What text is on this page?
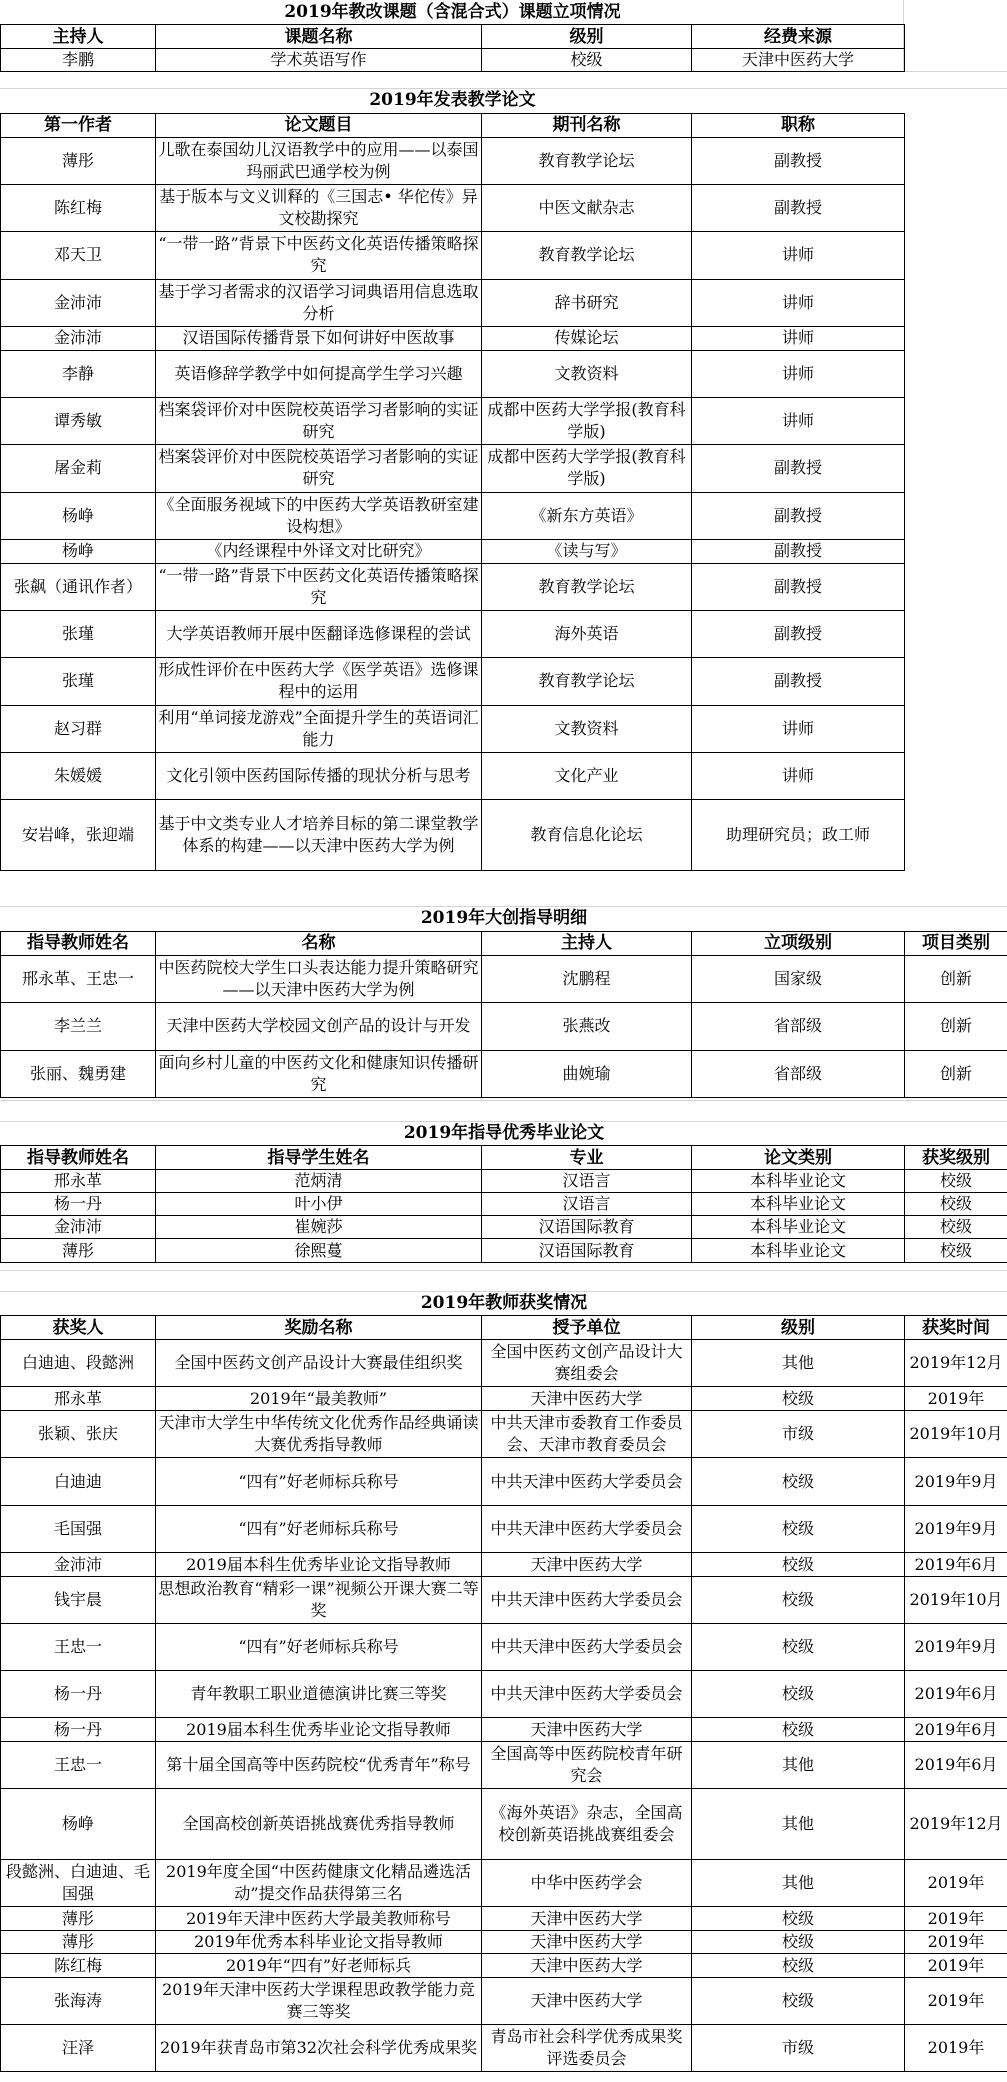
2019年教改课题（含混合式）课题立项情况			
主持人	课题名称	级别	经费来源
李鹏	学术英语写作	校级	天津中医药大学
2019年发表教学论文			
第一作者	论文题目	期刊名称	职称
薄彤	儿歌在泰国幼儿汉语教学中的应用——以泰国玛丽武巴通学校为例	教育教学论坛	副教授
陈红梅	基于版本与文义训释的《三国志• 华佗传》异文校勘探究	中医文献杂志	副教授
邓天卫	“一带一路”背景下中医药文化英语传播策略探究	教育教学论坛	讲师
金沛沛	基于学习者需求的汉语学习词典语用信息选取分析	辞书研究	讲师
金沛沛	汉语国际传播背景下如何讲好中医故事	传媒论坛	讲师
李静	英语修辞学教学中如何提高学生学习兴趣	文教资料	讲师
谭秀敏	档案袋评价对中医院校英语学习者影响的实证研究	成都中医药大学学报(教育科学版)	讲师
屠金莉	档案袋评价对中医院校英语学习者影响的实证研究	成都中医药大学学报(教育科学版)	副教授
杨峥	《全面服务视域下的中医药大学英语教研室建设构想》	《新东方英语》	副教授
杨峥	《内经课程中外译文对比研究》	《读与写》	副教授
张飙（通讯作者）	“一带一路”背景下中医药文化英语传播策略探究	教育教学论坛	副教授
张瑾	大学英语教师开展中医翻译选修课程的尝试	海外英语	副教授
张瑾	形成性评价在中医药大学《医学英语》选修课程中的运用	教育教学论坛	副教授
赵习群	利用“单词接龙游戏”全面提升学生的英语词汇能力	文教资料	讲师
朱媛媛	文化引领中医药国际传播的现状分析与思考	文化产业	讲师
安岩峰，张迎端	基于中文类专业人才培养目标的第二课堂教学体系的构建——以天津中医药大学为例	教育信息化论坛	助理研究员；政工师
2019年大创指导明细				
指导教师姓名	名称	主持人	立项级别	项目类别
邢永革、王忠一	中医药院校大学生口头表达能力提升策略研究——以天津中医药大学为例	沈鹏程	国家级	创新
李兰兰	天津中医药大学校园文创产品的设计与开发	张燕改	省部级	创新
张丽、魏勇建	面向乡村儿童的中医药文化和健康知识传播研究	曲婉瑜	省部级	创新
2019年指导优秀毕业论文				
指导教师姓名	指导学生姓名	专业	论文类别	获奖级别
邢永革	范炳清	汉语言	本科毕业论文	校级
杨一丹	叶小伊	汉语言	本科毕业论文	校级
金沛沛	崔婉莎	汉语国际教育	本科毕业论文	校级
薄彤	徐熙蔓	汉语国际教育	本科毕业论文	校级
2019年教师获奖情况				
获奖人	奖励名称	授予单位	级别	获奖时间
白迪迪、段懿洲	全国中医药文创产品设计大赛最佳组织奖	全国中医药文创产品设计大赛组委会	其他	2019年12月
邢永革	2019年“最美教师”	天津中医药大学	校级	2019年
张颖、张庆	天津市大学生中华传统文化优秀作品经典诵读大赛优秀指导教师	中共天津市委教育工作委员会、天津市教育委员会	市级	2019年10月
白迪迪	“四有”好老师标兵称号	中共天津中医药大学委员会	校级	2019年9月
毛国强	“四有”好老师标兵称号	中共天津中医药大学委员会	校级	2019年9月
金沛沛	2019届本科生优秀毕业论文指导教师	天津中医药大学	校级	2019年6月
钱宇晨	思想政治教育“精彩一课”视频公开课大赛二等奖	中共天津中医药大学委员会	校级	2019年10月
王忠一	“四有”好老师标兵称号	中共天津中医药大学委员会	校级	2019年9月
杨一丹	青年教职工职业道德演讲比赛三等奖	中共天津中医药大学委员会	校级	2019年6月
杨一丹	2019届本科生优秀毕业论文指导教师	天津中医药大学	校级	2019年6月
王忠一	第十届全国高等中医药院校“优秀青年”称号	全国高等中医药院校青年研究会	其他	2019年6月
杨峥	全国高校创新英语挑战赛优秀指导教师	《海外英语》杂志，全国高校创新英语挑战赛组委会	其他	2019年12月
段懿洲、白迪迪、毛国强	2019年度全国“中医药健康文化精品遴选活动”提交作品获得第三名	中华中医药学会	其他	2019年
薄彤	2019年天津中医药大学最美教师称号	天津中医药大学	校级	2019年
薄彤	2019年优秀本科毕业论文指导教师	天津中医药大学	校级	2019年
陈红梅	2019年“四有”好老师标兵	天津中医药大学	校级	2019年
张海涛	2019年天津中医药大学课程思政教学能力竞赛三等奖	天津中医药大学	校级	2019年
汪泽	2019年获青岛市第32次社会科学优秀成果奖	青岛市社会科学优秀成果奖评选委员会	市级	2019年
